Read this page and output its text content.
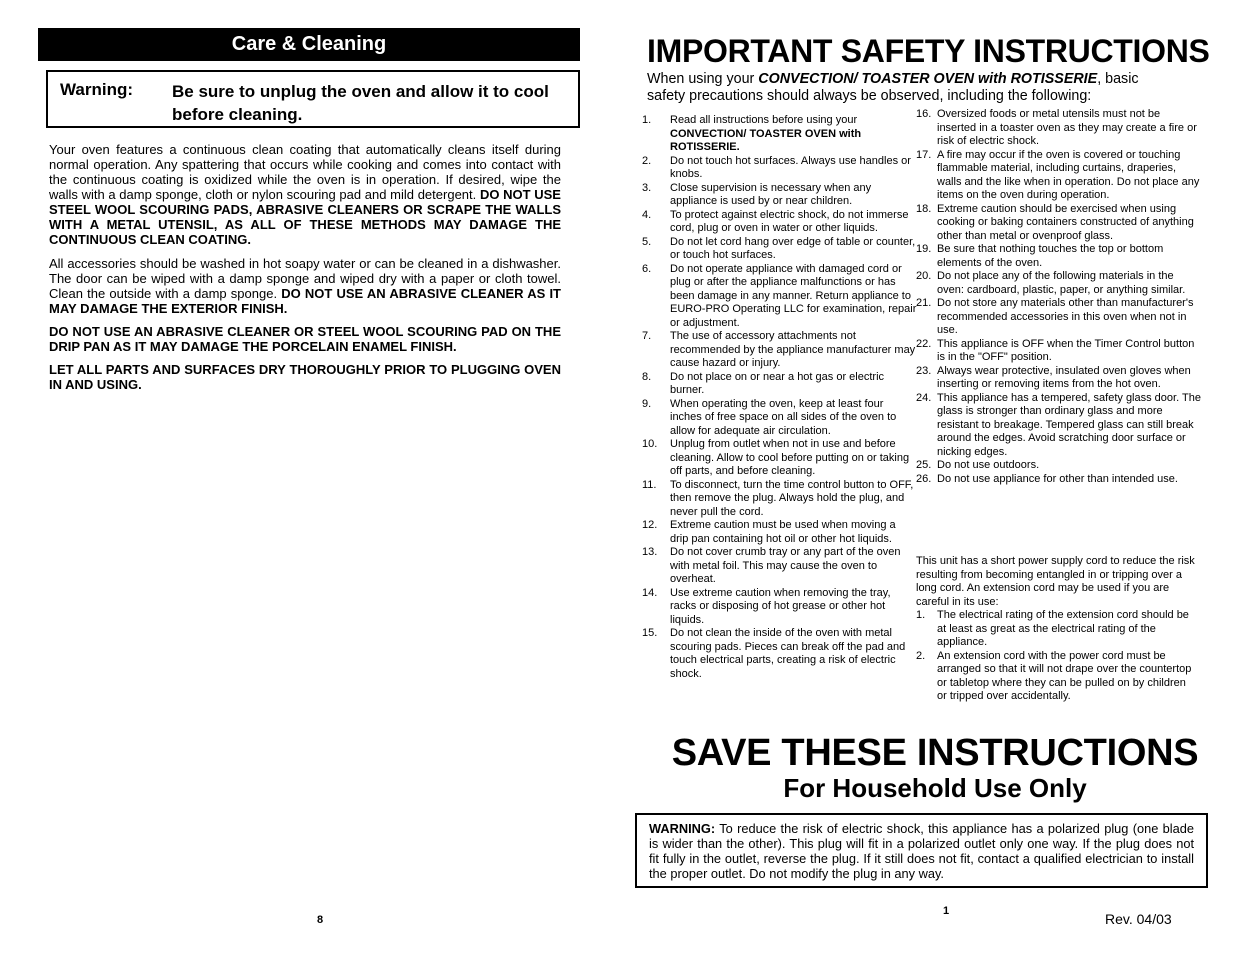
Care & Cleaning
Warning: Be sure to unplug the oven and allow it to cool before cleaning.
Your oven features a continuous clean coating that automatically cleans itself during normal operation. Any spattering that occurs while cooking and comes into contact with the continuous coating is oxidized while the oven is in operation. If desired, wipe the walls with a damp sponge, cloth or nylon scouring pad and mild detergent. DO NOT USE STEEL WOOL SCOURING PADS, ABRASIVE CLEANERS OR SCRAPE THE WALLS WITH A METAL UTENSIL, AS ALL OF THESE METHODS MAY DAMAGE THE CONTINUOUS CLEAN COATING.
All accessories should be washed in hot soapy water or can be cleaned in a dishwasher. The door can be wiped with a damp sponge and wiped dry with a paper or cloth towel. Clean the outside with a damp sponge. DO NOT USE AN ABRASIVE CLEANER AS IT MAY DAMAGE THE EXTERIOR FINISH.
DO NOT USE AN ABRASIVE CLEANER OR STEEL WOOL SCOURING PAD ON THE DRIP PAN AS IT MAY DAMAGE THE PORCELAIN ENAMEL FINISH.
LET ALL PARTS AND SURFACES DRY THOROUGHLY PRIOR TO PLUGGING OVEN IN AND USING.
8
IMPORTANT SAFETY INSTRUCTIONS
When using your CONVECTION/ TOASTER OVEN with ROTISSERIE, basic safety precautions should always be observed, including the following:
1. Read all instructions before using your CONVECTION/ TOASTER OVEN with ROTISSERIE.
2. Do not touch hot surfaces. Always use handles or knobs.
3. Close supervision is necessary when any appliance is used by or near children.
4. To protect against electric shock, do not immerse cord, plug or oven in water or other liquids.
5. Do not let cord hang over edge of table or counter, or touch hot surfaces.
6. Do not operate appliance with damaged cord or plug or after the appliance malfunctions or has been damage in any manner. Return appliance to EURO-PRO Operating LLC for examination, repair or adjustment.
7. The use of accessory attachments not recommended by the appliance manufacturer may cause hazard or injury.
8. Do not place on or near a hot gas or electric burner.
9. When operating the oven, keep at least four inches of free space on all sides of the oven to allow for adequate air circulation.
10. Unplug from outlet when not in use and before cleaning. Allow to cool before putting on or taking off parts, and before cleaning.
11. To disconnect, turn the time control button to OFF, then remove the plug. Always hold the plug, and never pull the cord.
12. Extreme caution must be used when moving a drip pan containing hot oil or other hot liquids.
13. Do not cover crumb tray or any part of the oven with metal foil. This may cause the oven to overheat.
14. Use extreme caution when removing the tray, racks or disposing of hot grease or other hot liquids.
15. Do not clean the inside of the oven with metal scouring pads. Pieces can break off the pad and touch electrical parts, creating a risk of electric shock.
16. Oversized foods or metal utensils must not be inserted in a toaster oven as they may create a fire or risk of electric shock.
17. A fire may occur if the oven is covered or touching flammable material, including curtains, draperies, walls and the like when in operation. Do not place any items on the oven during operation.
18. Extreme caution should be exercised when using cooking or baking containers constructed of anything other than metal or ovenproof glass.
19. Be sure that nothing touches the top or bottom elements of the oven.
20. Do not place any of the following materials in the oven: cardboard, plastic, paper, or anything similar.
21. Do not store any materials other than manufacturer's recommended accessories in this oven when not in use.
22. This appliance is OFF when the Timer Control button is in the "OFF" position.
23. Always wear protective, insulated oven gloves when inserting or removing items from the hot oven.
24. This appliance has a tempered, safety glass door. The glass is stronger than ordinary glass and more resistant to breakage. Tempered glass can still break around the edges. Avoid scratching door surface or nicking edges.
25. Do not use outdoors.
26. Do not use appliance for other than intended use.
This unit has a short power supply cord to reduce the risk resulting from becoming entangled in or tripping over a long cord. An extension cord may be used if you are careful in its use:
1. The electrical rating of the extension cord should be at least as great as the electrical rating of the appliance.
2. An extension cord with the power cord must be arranged so that it will not drape over the countertop or tabletop where they can be pulled on by children or tripped over accidentally.
SAVE THESE INSTRUCTIONS
For Household Use Only
WARNING: To reduce the risk of electric shock, this appliance has a polarized plug (one blade is wider than the other). This plug will fit in a polarized outlet only one way. If the plug does not fit fully in the outlet, reverse the plug. If it still does not fit, contact a qualified electrician to install the proper outlet. Do not modify the plug in any way.
1	Rev. 04/03
